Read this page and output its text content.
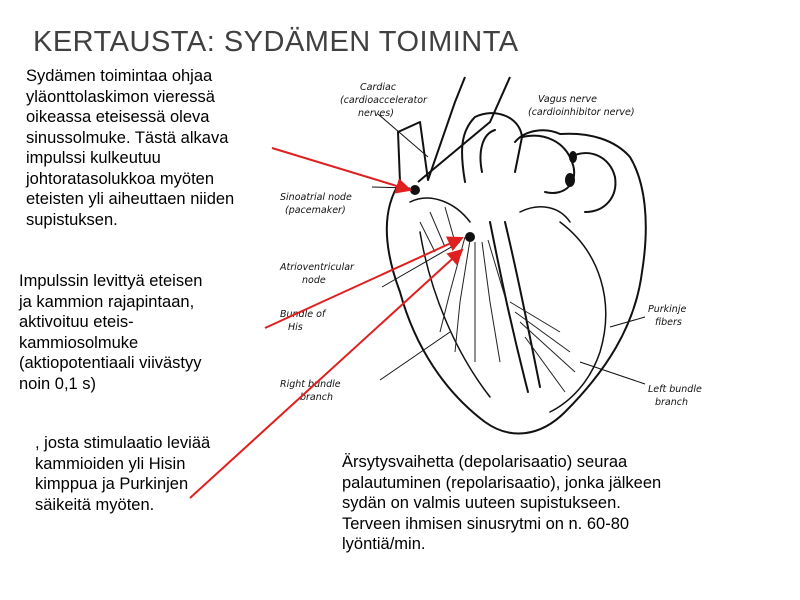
KERTAUSTA: SYDÄMEN TOIMINTA
Sydämen toimintaa ohjaa
yläonttolaskimon vieressä
oikeassa eteisessä oleva
sinussolmuke. Tästä alkava
impulssi kulkeutuu
johtoratasolukkoa myöten
eteisten yli aiheuttaen niiden
supistuksen.
Impulssin levittyä eteisen
ja kammion rajapintaan,
aktivoituu eteis-
kammiosolmuke
(aktiopotentiaali viivästyy
noin 0,1 s)
, josta stimulaatio leviää
kammioiden yli Hisin
kimppua ja Purkinjen
säikeitä myöten.
Ärsytysvaihetta (depolarisaatio) seuraa
palautuminen (repolarisaatio), jonka jälkeen
sydän on valmis uuteen supistukseen.
Terveen ihmisen sinusrytmi on n. 60-80
lyöntiä/min.
Cardiac
(cardioaccelerator
nerves)
Vagus nerve
(cardioinhibitor nerve)
Sinoatrial node
(pacemaker)
Atrioventricular
node
Bundle of
His
Purkinje
fibers
Right bundle
branch
Left bundle
branch
